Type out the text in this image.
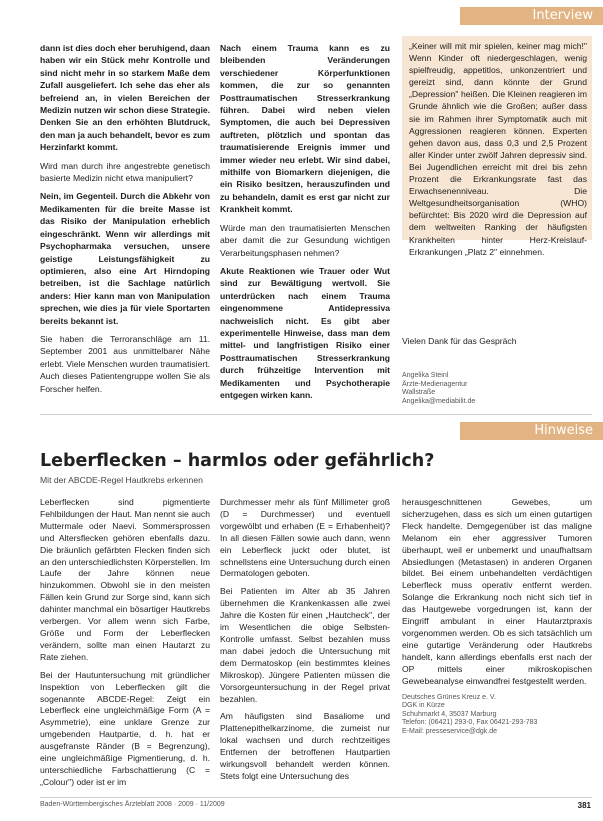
Interview

dann ist dies doch eher beruhigend, daan haben wir ein Stück mehr Kontrolle und sind nicht mehr in so starkem Maße dem Zufall ausgeliefert. Ich sehe das eher als befreiend an, in vielen Bereichen der Medizin nutzen wir schon diese Strategie. Denken Sie an den erhöhten Blutdruck, den man ja auch behandelt, bevor es zum Herzinfarkt kommt.

Wird man durch ihre angestrebte genetisch basierte Medizin nicht etwa manipuliert?

Nein, im Gegenteil. Durch die Abkehr von Medikamenten für die breite Masse ist das Risiko der Manipulation erheblich eingeschränkt. Wenn wir allerdings mit Psychopharmaka versuchen, unsere geistige Leistungsfähigkeit zu optimieren, also eine Art Hirndoping betreiben, ist die Sachlage natürlich anders: Hier kann man von Manipulation sprechen, wie dies ja für viele Sportarten bereits bekannt ist.

Sie haben die Terroranschläge am 11. September 2001 aus unmittelbarer Nähe erlebt. Viele Menschen wurden traumatisiert. Auch dieses Patientengruppe wollen Sie als Forscher helfen.

Nach einem Trauma kann es zu bleibenden Veränderungen verschiedener Körperfunktionen kommen, die zur so genannten Posttraumatischen Stresserkrankung führen. Dabei wird neben vielen Symptomen, die auch bei Depressiven auftreten, plötzlich und spontan das traumatisierende Ereignis immer und immer wieder neu erlebt. Wir sind dabei, mithilfe von Biomarkern diejenigen, die ein Risiko besitzen, herauszufinden und zu behandeln, damit es erst gar nicht zur Krankheit kommt.

Würde man den traumatisierten Menschen aber damit die zur Gesundung wichtigen Verarbeitungsphasen nehmen?

Akute Reaktionen wie Trauer oder Wut sind zur Bewältigung wertvoll. Sie unterdrücken nach einem Trauma eingenommene Antidepressiva nachweislich nicht. Es gibt aber experimentelle Hinweise, dass man dem mittel- und langfristigen Risiko einer Posttraumatischen Stresserkrankung durch frühzeitige Intervention mit Medikamenten und Psychotherapie entgegen wirken kann.

„Keiner will mit mir spielen, keiner mag mich!" Wenn Kinder oft niedergeschlagen, wenig spielfreudig, appetitlos, unkonzentriert und gereizt sind, dann könnte der Grund „Depression" heißen. Die Kleinen reagieren im Grunde ähnlich wie die Großen; außer dass sie im Rahmen ihrer Symptomatik auch mit Aggressionen reagieren können. Experten gehen davon aus, dass 0,3 und 2,5 Prozent aller Kinder unter zwölf Jahren depressiv sind. Bei Jugendlichen erreicht mit drei bis zehn Prozent die Erkrankungsrate fast das Erwachsenenniveau. Die Weltgesundheitsorganisation (WHO) befürchtet: Bis 2020 wird die Depression auf dem weltweiten Ranking der häufigsten Krankheiten hinter Herz-Kreislauf-Erkrankungen „Platz 2" einnehmen.
Vielen Dank für das Gespräch
Angelika Steinl
Ärzte-Medienagentur
Wallstraße
Angelika@mediabilit.de
Hinweise
Leberflecken – harmlos oder gefährlich?
Mit der ABCDE-Regel Hautkrebs erkennen

Leberflecken sind pigmentierte Fehlbildungen der Haut. Man nennt sie auch Muttermale oder Naevi. Sommersprossen und Altersflecken gehören ebenfalls dazu. Die bräunlich gefärbten Flecken finden sich an den unterschiedlichsten Körperstellen. Im Laufe der Jahre können neue hinzukommen. Obwohl sie in den meisten Fällen kein Grund zur Sorge sind, kann sich dahinter manchmal ein bösartiger Hautkrebs verbergen. Vor allem wenn sich Farbe, Größe und Form der Leberflecken verändern, sollte man einen Hautarzt zu Rate ziehen.

Bei der Hautuntersuchung mit gründlicher Inspektion von Leberflecken gilt die sogenannte ABCDE-Regel: Zeigt ein Leberfleck eine ungleichmäßige Form (A = Asymmetrie), eine unklare Grenze zur umgebenden Hautpartie, d. h. hat er ausgefranste Ränder (B = Begrenzung), eine ungleichmäßige Pigmentierung, d. h. unterschiedliche Farbschattierung (C = „Colour") oder ist er im

Durchmesser mehr als fünf Millimeter groß (D = Durchmesser) und eventuell vorgewölbt und erhaben (E = Erhabenheit)? In all diesen Fällen sowie auch dann, wenn ein Leberfleck juckt oder blutet, ist schnellstens eine Untersuchung durch einen Dermatologen geboten.

Bei Patienten im Alter ab 35 Jahren übernehmen die Krankenkassen alle zwei Jahre die Kosten für einen „Hautcheck", der im Wesentlichen die obige Selbsten-Kontrolle umfasst. Selbst bezahlen muss man dabei jedoch die Untersuchung mit dem Dermatoskop (ein bestimmtes kleines Mikroskop). Jüngere Patienten müssen die Vorsorgeuntersuchung in der Regel privat bezahlen.

Am häufigsten sind Basaliome und Plattenepithelkarzinome, die zumeist nur lokal wachsen und durch rechtzeitiges Entfernen der betroffenen Hautpartien wirkungsvoll behandelt werden können. Stets folgt eine Untersuchung des

herausgeschnittenen Gewebes, um sicherzugehen, dass es sich um einen gutartigen Fleck handelte. Demgegenüber ist das maligne Melanom ein eher aggressiver Tumoren überhaupt, weil er unbemerkt und unaufhaltsam Absiedlungen (Metastasen) in anderen Organen bildet. Bei einem unbehandelten verdächtigen Leberfleck muss operativ entfernt werden. Solange die Erkrankung noch nicht sich tief in das Hautgewebe vorgedrungen ist, kann der Eingriff ambulant in einer Hautarztpraxis vorgenommen werden. Ob es sich tatsächlich um eine gutartige Veränderung oder Hautkrebs handelt, kann allerdings ebenfalls erst nach der OP mittels einer mikroskopischen Gewebeanalyse einwandfrei festgestellt werden.

Deutsches Grünes Kreuz e. V.
DGK in Kürze
Schuhmarkt 4, 35037 Marburg
Telefon: (06421) 293-0, Fax 06421-293-783
E-Mail: presseservice@dgk.de
Baden-Württembergisches Ärzteblatt 2008 · 2009 · 11/2009	381
